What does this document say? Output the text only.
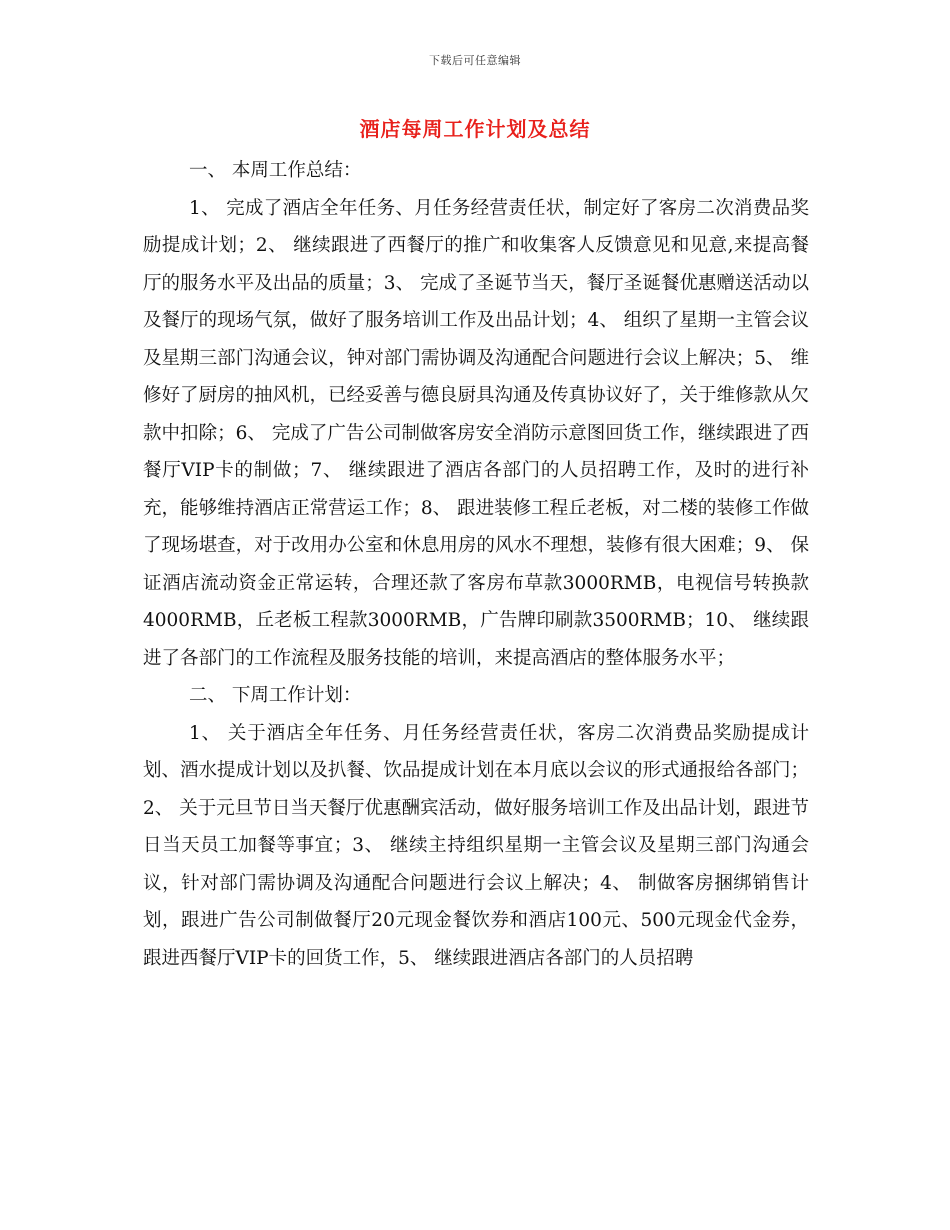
下载后可任意编辑
酒店每周工作计划及总结

一、 本周工作总结：

1、 完成了酒店全年任务、月任务经营责任状，制定好了客房二次消费品奖励提成计划；2、 继续跟进了西餐厅的推广和收集客人反馈意见和见意,来提高餐厅的服务水平及出品的质量；3、 完成了圣诞节当天，餐厅圣诞餐优惠赠送活动以及餐厅的现场气氛，做好了服务培训工作及出品计划；4、 组织了星期一主管会议及星期三部门沟通会议，钟对部门需协调及沟通配合问题进行会议上解决；5、 维修好了厨房的抽风机，已经妥善与德良厨具沟通及传真协议好了，关于维修款从欠款中扣除；6、 完成了广告公司制做客房安全消防示意图回货工作，继续跟进了西餐厅VIP卡的制做；7、 继续跟进了酒店各部门的人员招聘工作，及时的进行补充，能够维持酒店正常营运工作；8、 跟进装修工程丘老板，对二楼的装修工作做了现场堪查，对于改用办公室和休息用房的风水不理想，装修有很大困难；9、 保证酒店流动资金正常运转，合理还款了客房布草款3000RMB，电视信号转换款4000RMB，丘老板工程款3000RMB，广告牌印刷款3500RMB；10、 继续跟进了各部门的工作流程及服务技能的培训，来提高酒店的整体服务水平；

二、 下周工作计划：

1、 关于酒店全年任务、月任务经营责任状，客房二次消费品奖励提成计划、酒水提成计划以及扒餐、饮品提成计划在本月底以会议的形式通报给各部门；2、 关于元旦节日当天餐厅优惠酬宾活动，做好服务培训工作及出品计划，跟进节日当天员工加餐等事宜；3、 继续主持组织星期一主管会议及星期三部门沟通会议，针对部门需协调及沟通配合问题进行会议上解决；4、 制做客房捆绑销售计划，跟进广告公司制做餐厅20元现金餐饮券和酒店100元、500元现金代金券，跟进西餐厅VIP卡的回货工作，5、 继续跟进酒店各部门的人员招聘
